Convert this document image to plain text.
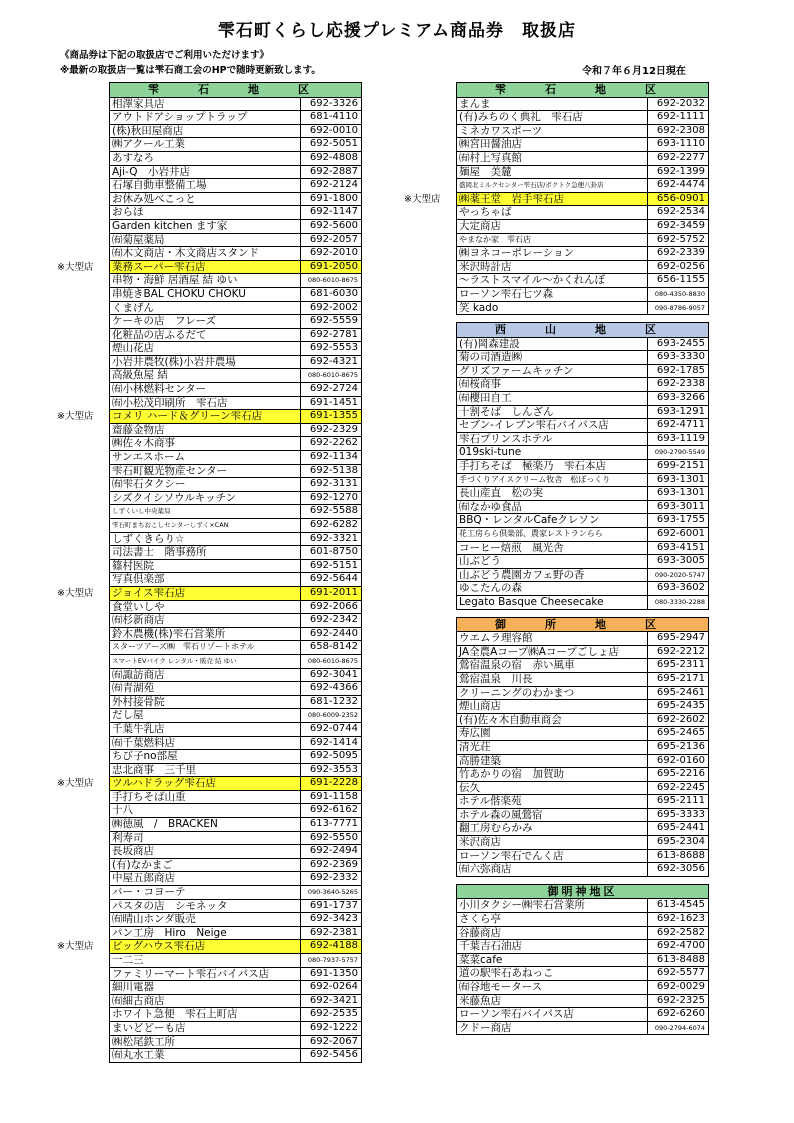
雫石町くらし応援プレミアム商品券　取扱店
《商品券は下記の取扱店でご利用いただけます》
※最新の取扱店一覧は雫石商工会のHPで随時更新致します。	令和７年６月12日現在
雫　石　地　区
相澤家具店	692-3326
アウトドアショップトラップ	681-4110
(株)秋田屋商店	692-0010
㈱アクール工業	692-5051
あすなろ	692-4808
Aji-Q　小岩井店	692-2887
石塚自動車整備工場	692-2124
お休み処べこっと	691-1800
おらほ	692-1147
Garden kitchen ます家	692-5600
㈲菊屋薬局	692-2057
㈲木文商店・木文商店スタンド	692-2010
※大型店 業務スーパー雫石店	691-2050
串物・海鮮 居酒屋 結 ゆい	080-6010-8675
串焼きBAL CHOKU CHOKU	681-6030
くまげん	692-2002
ケーキの店　フレーズ	692-5559
化粧品の店ふるだて	692-2781
煙山花店	692-5553
小岩井農牧(株)小岩井農場	692-4321
高級魚屋 結	080-6010-8675
㈲小林燃料センター	692-2724
㈲小松茂印刷所　雫石店	691-1451
※大型店 コメリ ハード＆グリーン雫石店	691-1355
齋藤金物店	692-2329
㈱佐々木商事	692-2262
サンエスホーム	692-1134
雫石町観光物産センター	692-5138
㈲雫石タクシー	692-3131
シズクイシソウルキッチン	692-1270
しずくいし中央薬局	692-5588
雫石町まちおこしセンターしずく×CAN	692-6282
しずくきらり☆	692-3321
司法書士　階事務所	601-8750
篠村医院	692-5151
写真倶楽部	692-5644
※大型店 ジョイス雫石店	691-2011
食堂いしや	692-2066
㈲杉新商店	692-2342
鈴木農機(株)雫石営業所	692-2440
スターツアーズ㈱　雫石リゾートホテル	658-8142
スマートEVバイク レンタル・販売 結 ゆい	080-6010-8675
㈲諏訪商店	692-3041
㈲青湖苑	692-4366
外村接骨院	681-1232
だし屋	080-6009-2352
千葉牛乳店	692-0744
㈲千葉燃料店	692-1414
ちび子no部屋	692-5095
忠北商事　三千里	692-3553
※大型店 ツルハドラッグ雫石店	691-2228
手打ちそば山重	691-1158
十八	692-6162
㈱徳風　/　BRACKEN	613-7771
利寿司	692-5550
長坂商店	692-2494
(有)なかまご	692-2369
中屋五郎商店	692-2332
バー・コヨーテ	090-3640-5265
パスタの店　シモネッタ	691-1737
㈲晴山ホンダ販売	692-3423
パン工房　Hiro　Neige	692-2381
※大型店 ビッグハウス雫石店	692-4188
一二三	080-7937-5757
ファミリーマート雫石バイパス店	691-1350
細川電器	692-0264
㈲細古商店	692-3421
ホワイト急便　雫石上町店	692-2535
まいどどーも店	692-1222
㈱松尾鉄工所	692-2067
㈲丸水工業	692-5456
雫　石　地　区
まんま	692-2032
(有)みちのく典礼　雫石店	692-1111
ミネカワスポーツ	692-2308
㈱宮田醤油店	693-1110
㈲村上写真館	692-2277
麺屋　美麓	692-1399
盛岡北ミルクセンター雫石店/ボクトク急便八卦店	692-4474
※大型店 ㈱薬王堂　岩手雫石店	656-0901
やっちゃば	692-2534
大定商店	692-3459
やまなか家　雫石店	692-5752
㈱ヨネコーポレーション	692-2339
米沢時計店	692-0256
〜ラストスマイル〜かくれんぼ	656-1155
ローソン雫石七ツ森	080-4350-8830
笑 kado	090-8786-9057
西　山　地　区
(有)岡森建設	693-2455
菊の司酒造㈱	693-3330
グリズファームキッチン	692-1785
㈲桜商事	692-2338
㈲櫻田自工	693-3266
十割そば　しんざん	693-1291
セブン-イレブン雫石バイパス店	692-4711
雫石プリンスホテル	693-1119
019ski-tune	090-2790-5549
手打ちそば　極楽乃　雫石本店	699-2151
手づくりアイスクリーム牧舎　松ぼっくり	693-1301
長山産直　松の実	693-1301
㈲なかゆ食品	693-3011
BBQ・レンタルCafeクレソン	693-1755
花工房らら倶楽部、農家レストランらら	692-6001
コーヒー焙煎　風光舎	693-4151
山ぶどう	693-3005
山ぶどう農園カフェ野の香	090-2020-5747
ゆこたんの森	693-3602
Legato Basque Cheesecake	080-3330-2288
御　所　地　区
ウエムラ理容館	695-2947
JA全農Aコープ㈱Aコープごしょ店	692-2212
鶯宿温泉の宿　赤い風車	695-2311
鶯宿温泉　川長	695-2171
クリーニングのわかまつ	695-2461
煙山商店	695-2435
(有)佐々木自動車商会	692-2602
寿広園	695-2465
清光荘	695-2136
高勝建築	692-0160
竹あかりの宿　加賀助	695-2216
伝久	692-2245
ホテル偕楽苑	695-2111
ホテル森の風鶯宿	695-3333
翻工房むらかみ	695-2441
米沢商店	695-2304
ローソン雫石でんく店	613-8688
㈲六弥商店	692-3056
御明神地区
小川タクシー㈱雫石営業所	613-4545
さくら亭	692-1623
谷藤商店	692-2582
千葉吉石油店	692-4700
菜菜cafe	613-8488
道の駅雫石あねっこ	692-5577
㈲谷地モータース	692-0029
米藤魚店	692-2325
ローソン雫石バイパス店	692-6260
クドー商店	090-2794-6074
